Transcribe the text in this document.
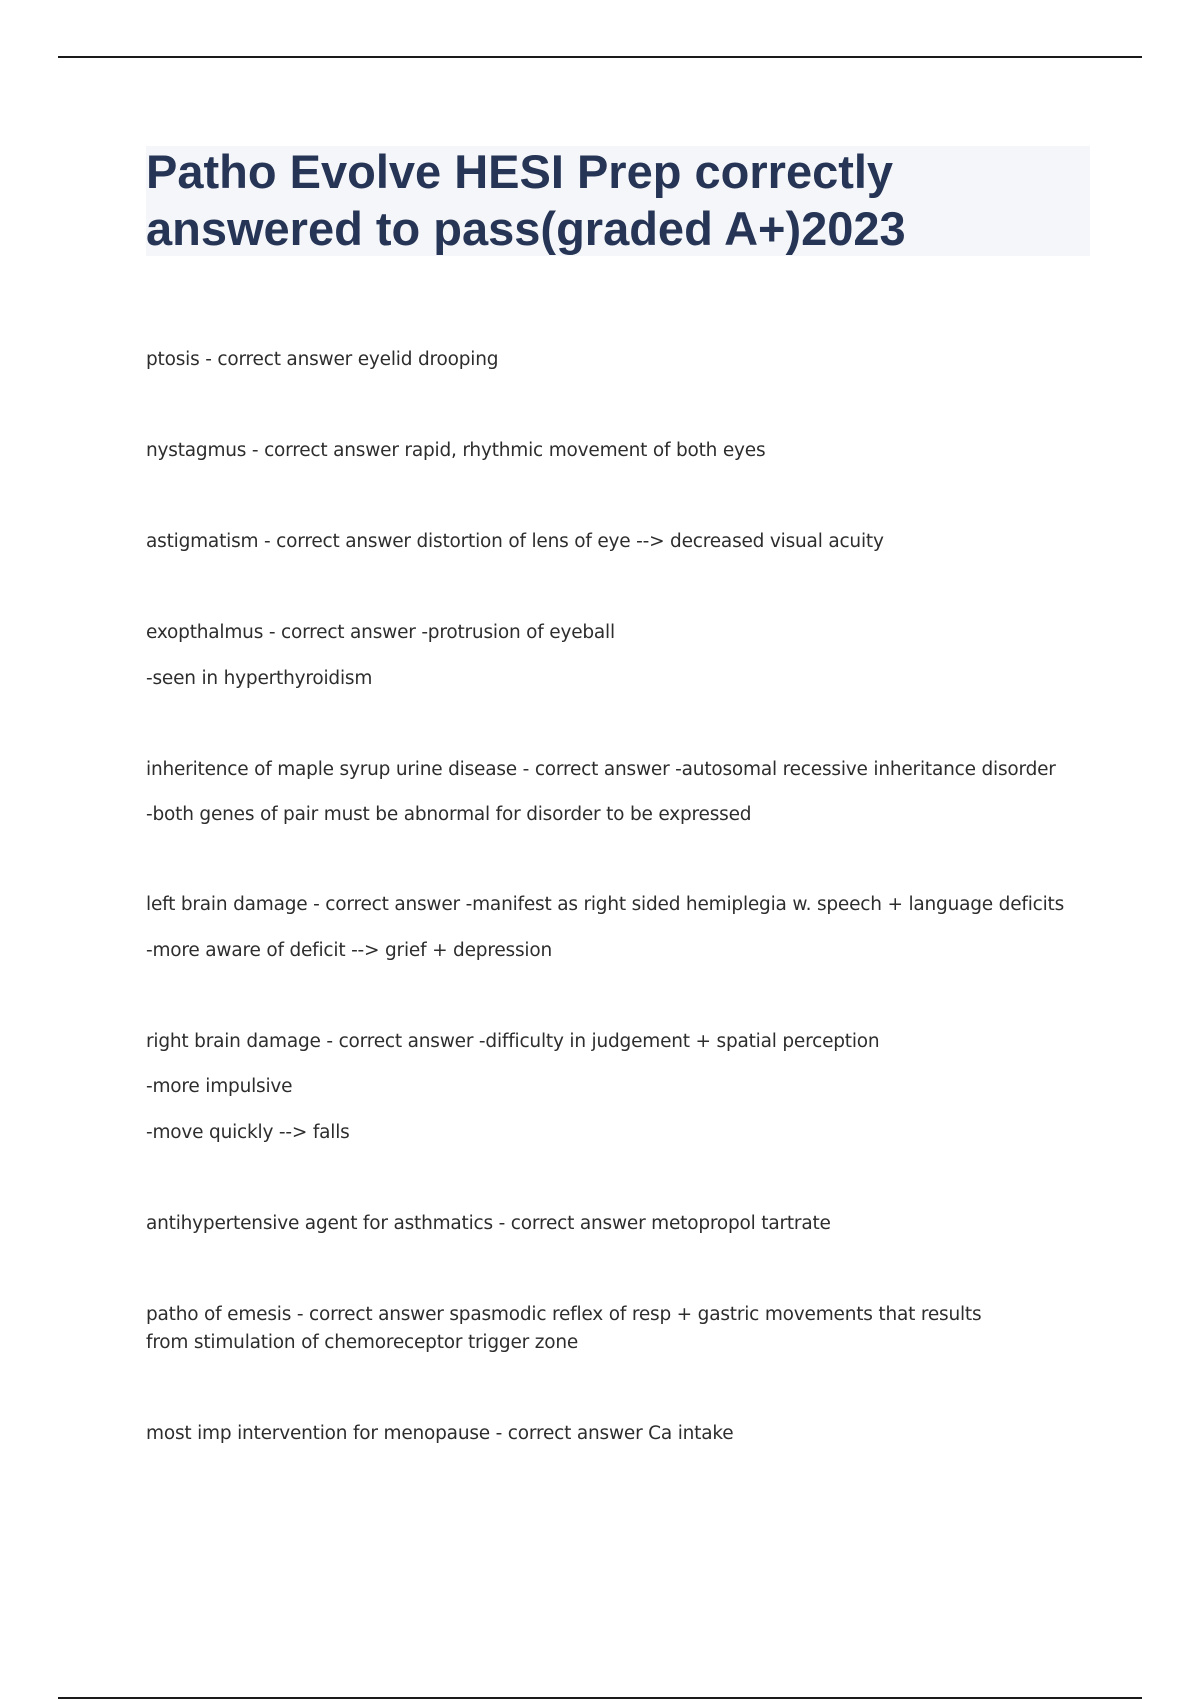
Patho Evolve HESI Prep correctly answered to pass(graded A+)2023

ptosis - correct answer eyelid drooping

nystagmus - correct answer rapid, rhythmic movement of both eyes

astigmatism - correct answer distortion of lens of eye --> decreased visual acuity

exopthalmus - correct answer -protrusion of eyeball

-seen in hyperthyroidism

inheritence of maple syrup urine disease - correct answer -autosomal recessive inheritance disorder

-both genes of pair must be abnormal for disorder to be expressed

left brain damage - correct answer -manifest as right sided hemiplegia w. speech + language deficits

-more aware of deficit --> grief + depression

right brain damage - correct answer -difficulty in judgement + spatial perception

-more impulsive

-move quickly --> falls

antihypertensive agent for asthmatics - correct answer metopropol tartrate

patho of emesis - correct answer spasmodic reflex of resp + gastric movements that results from stimulation of chemoreceptor trigger zone

most imp intervention for menopause - correct answer Ca intake
